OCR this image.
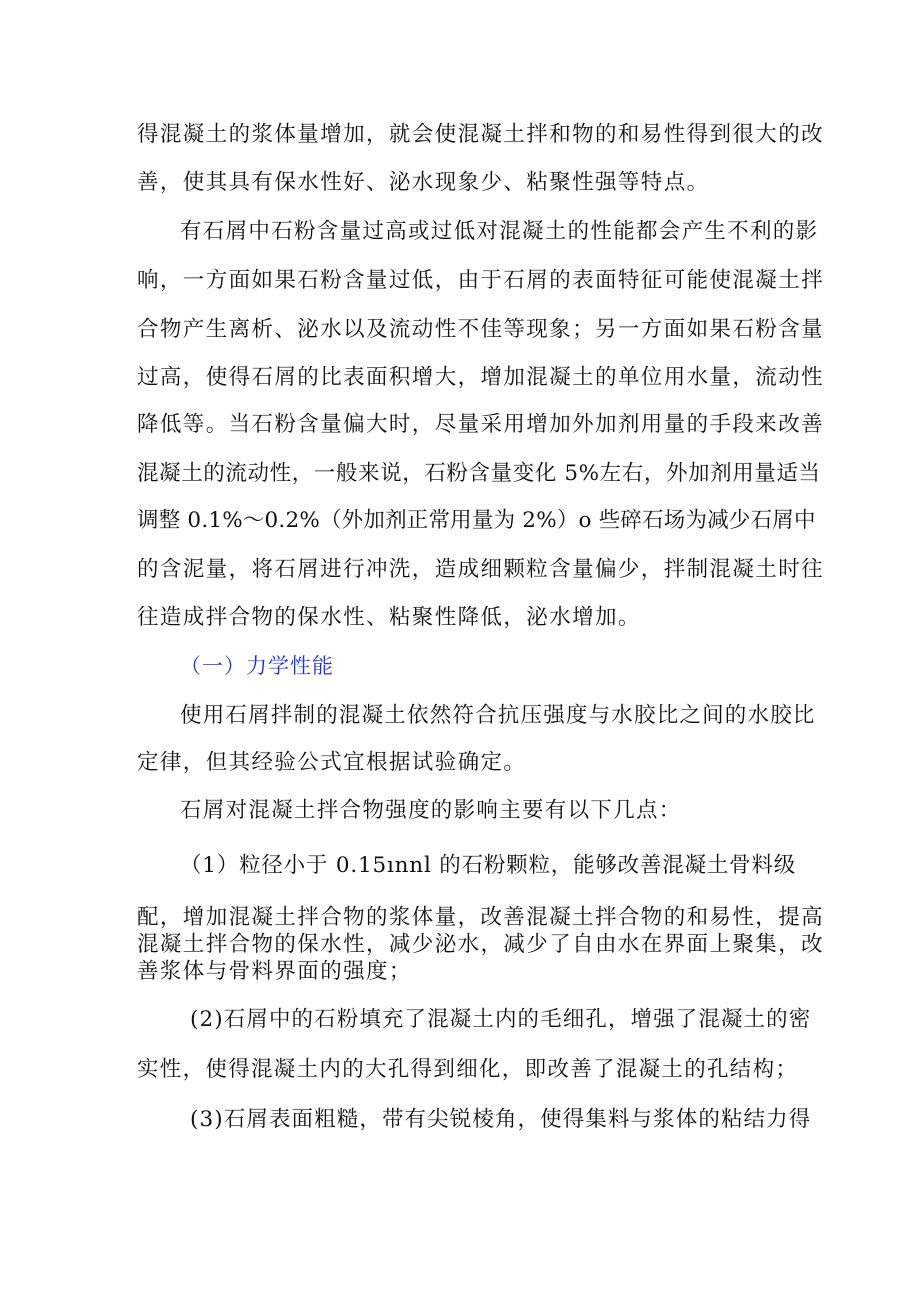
得混凝土的浆体量增加，就会使混凝土拌和物的和易性得到很大的改
善，使其具有保水性好、泌水现象少、粘聚性强等特点。
有石屑中石粉含量过高或过低对混凝土的性能都会产生不利的影
响，一方面如果石粉含量过低，由于石屑的表面特征可能使混凝土拌
合物产生离析、泌水以及流动性不佳等现象；另一方面如果石粉含量
过高，使得石屑的比表面积增大，增加混凝土的单位用水量，流动性
降低等。当石粉含量偏大时，尽量采用增加外加剂用量的手段来改善
混凝土的流动性，一般来说，石粉含量变化 5%左右，外加剂用量适当
调整 0.1%～0.2%（外加剂正常用量为 2%）o 些碎石场为减少石屑中
的含泥量，将石屑进行冲洗，造成细颗粒含量偏少，拌制混凝土时往
往造成拌合物的保水性、粘聚性降低，泌水增加。
（一）力学性能
使用石屑拌制的混凝土依然符合抗压强度与水胶比之间的水胶比
定律，但其经验公式宜根据试验确定。
石屑对混凝土拌合物强度的影响主要有以下几点：
（1）粒径小于 0.15ınnl 的石粉颗粒，能够改善混凝土骨料级
配，增加混凝土拌合物的浆体量，改善混凝土拌合物的和易性，提高
混凝土拌合物的保水性，减少泌水，减少了自由水在界面上聚集，改
善浆体与骨料界面的强度；
(2)石屑中的石粉填充了混凝土内的毛细孔，增强了混凝土的密
实性，使得混凝土内的大孔得到细化，即改善了混凝土的孔结构；
(3)石屑表面粗糙，带有尖锐棱角，使得集料与浆体的粘结力得
